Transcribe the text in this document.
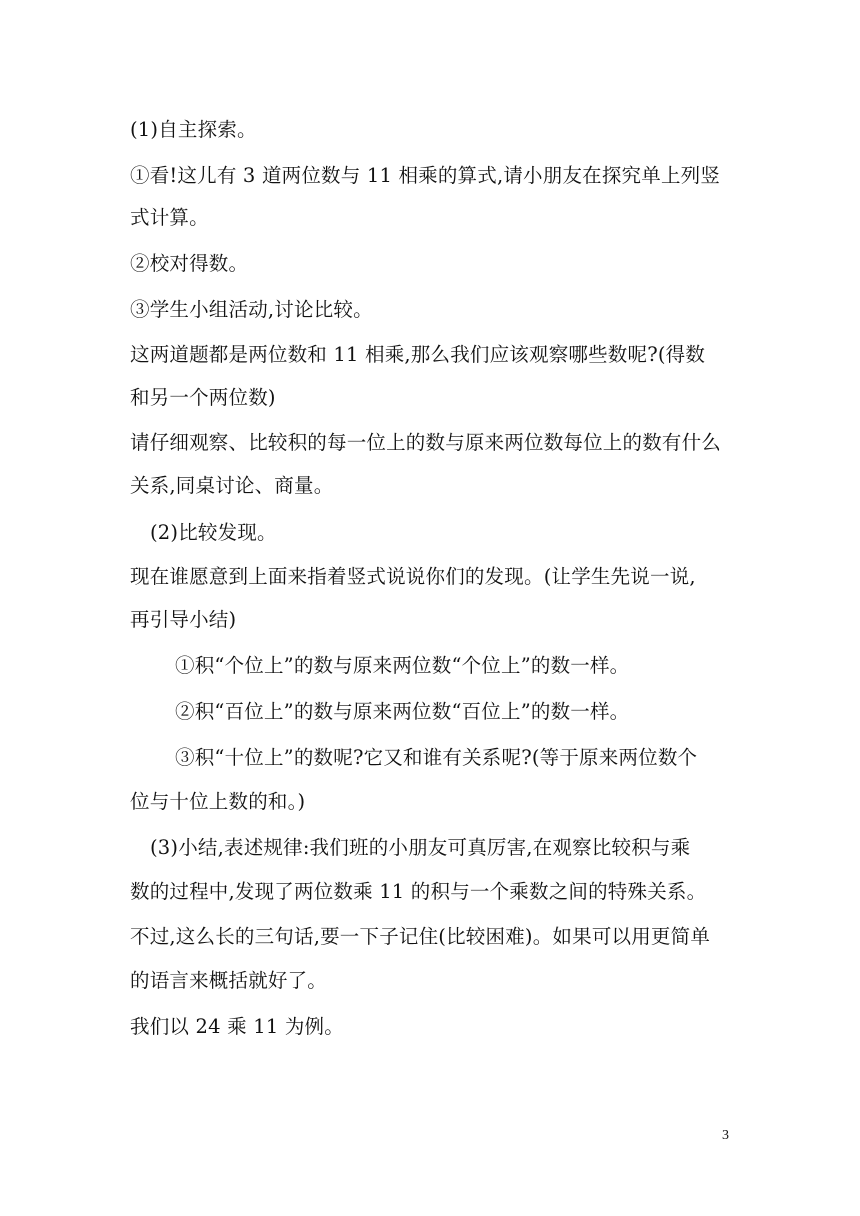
(1)自主探索。
①看!这儿有 3 道两位数与 11 相乘的算式,请小朋友在探究单上列竖
式计算。
②校对得数。
③学生小组活动,讨论比较。
这两道题都是两位数和 11 相乘,那么我们应该观察哪些数呢?(得数
和另一个两位数)
请仔细观察、比较积的每一位上的数与原来两位数每位上的数有什么
关系,同桌讨论、商量。
(2)比较发现。
现在谁愿意到上面来指着竖式说说你们的发现。(让学生先说一说,
再引导小结)
①积“个位上”的数与原来两位数“个位上”的数一样。
②积“百位上”的数与原来两位数“百位上”的数一样。
③积“十位上”的数呢?它又和谁有关系呢?(等于原来两位数个
位与十位上数的和。)
(3)小结,表述规律:我们班的小朋友可真厉害,在观察比较积与乘
数的过程中,发现了两位数乘 11 的积与一个乘数之间的特殊关系。
不过,这么长的三句话,要一下子记住(比较困难)。如果可以用更简单
的语言来概括就好了。
我们以 24 乘 11 为例。
3
